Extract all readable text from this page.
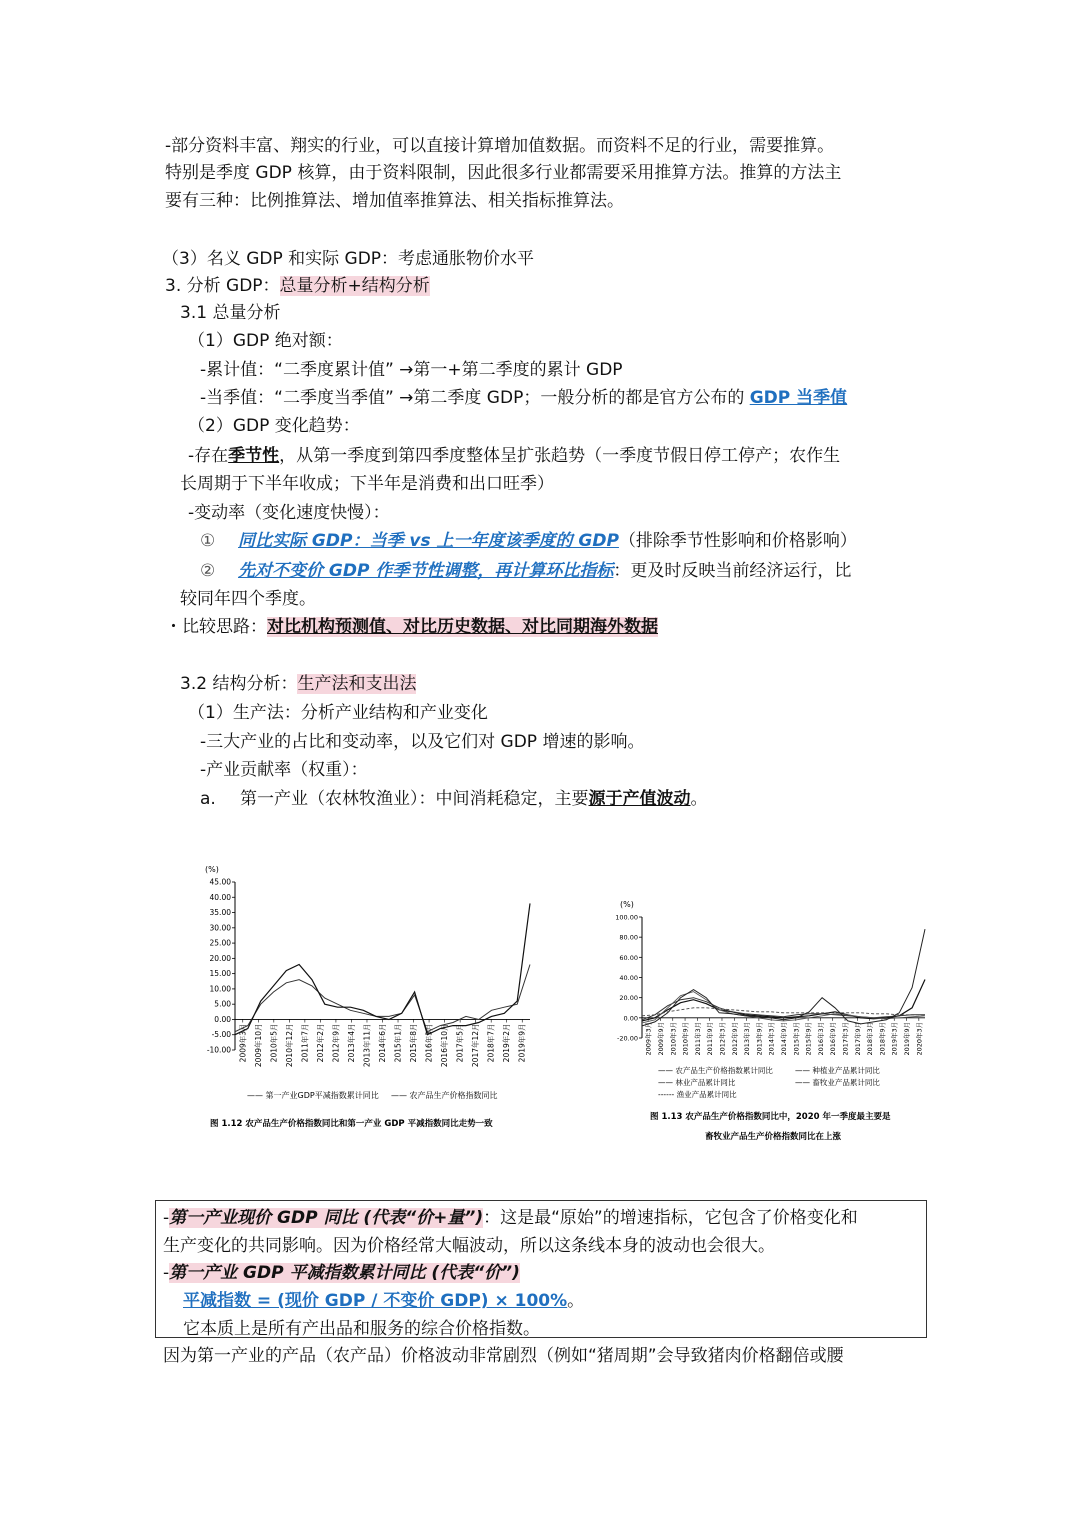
-部分资料丰富、翔实的行业，可以直接计算增加值数据。而资料不足的行业，需要推算。
特别是季度 GDP 核算，由于资料限制，因此很多行业都需要采用推算方法。推算的方法主
要有三种：比例推算法、增加值率推算法、相关指标推算法。
（3）名义 GDP 和实际 GDP：考虑通胀物价水平
3. 分析 GDP：总量分析+结构分析
3.1 总量分析
（1）GDP 绝对额：
-累计值：“二季度累计值” →第一+第二季度的累计 GDP
-当季值：“二季度当季值” →第二季度 GDP；一般分析的都是官方公布的 GDP 当季值
（2）GDP 变化趋势：
-存在季节性，从第一季度到第四季度整体呈扩张趋势（一季度节假日停工停产；农作生
长周期于下半年收成；下半年是消费和出口旺季）
-变动率（变化速度快慢）：
① 同比实际 GDP：当季 vs 上一年度该季度的 GDP（排除季节性影响和价格影响）
② 先对不变价 GDP 作季节性调整，再计算环比指标：更及时反映当前经济运行，比
较同年四个季度。
・比较思路：对比机构预测值、对比历史数据、对比同期海外数据
3.2 结构分析：生产法和支出法
（1）生产法：分析产业结构和产业变化
-三大产业的占比和变动率，以及它们对 GDP 增速的影响。
-产业贡献率（权重）：
a. 第一产业（农林牧渔业）：中间消耗稳定，主要源于产值波动。
(%)
45.00
40.00
35.00
30.00
25.00
20.00
15.00
10.00
5.00
0.00
-5.00
-10.00 2009年3月 2009年10月 2010年5月 2010年12月 2011年7月 2012年2月 2012年9月 2013年4月 2013年11月 2014年6月 2015年1月 2015年8月 2016年3月 2016年10月 2017年5月 2017年12月 2018年7月 2019年2月 2019年9月
—— 第一产业GDP平减指数累计同比 —— 农产品生产价格指数同比
图 1.12 农产品生产价格指数同比和第一产业 GDP 平减指数同比走势一致
(%)
100.00
80.00
60.00
40.00
20.00
0.00
-20.00 2009年3月 2009年9月 2010年3月 2010年9月 2011年3月 2011年9月 2012年3月 2012年9月 2013年3月 2013年9月 2014年3月 2014年9月 2015年3月 2015年9月 2016年3月 2016年9月 2017年3月 2017年9月 2018年3月 2018年9月 2019年3月 2019年9月 2020年3月
—— 农产品生产价格指数累计同比	—— 种植业产品累计同比
—— 林业产品累计同比	—— 畜牧业产品累计同比
------ 渔业产品累计同比
图 1.13 农产品生产价格指数同比中，2020 年一季度最主要是
畜牧业产品生产价格指数同比在上涨
-第一产业现价 GDP 同比 (代表“价+量”)：这是最“原始”的增速指标，它包含了价格变化和
生产变化的共同影响。因为价格经常大幅波动，所以这条线本身的波动也会很大。
-第一产业 GDP 平减指数累计同比 (代表“价”)
平减指数 = (现价 GDP / 不变价 GDP) × 100%。
它本质上是所有产出品和服务的综合价格指数。
因为第一产业的产品（农产品）价格波动非常剧烈（例如“猪周期”会导致猪肉价格翻倍或腰
